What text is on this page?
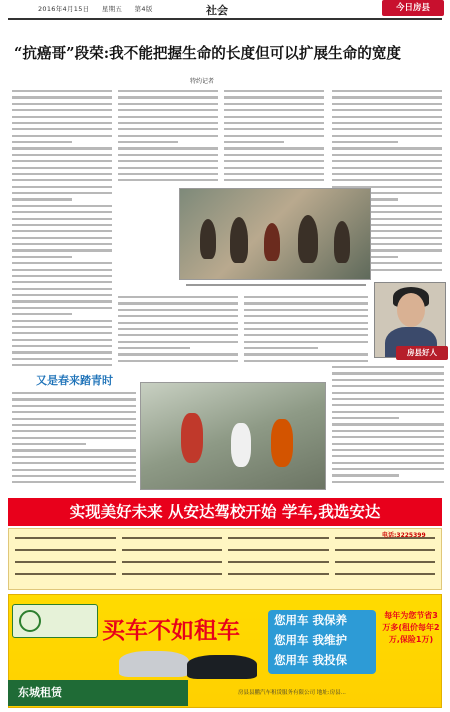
2016年4月15日 星期五 第4版	社会	今日房县
“抗癌哥”段荣:我不能把握生命的长度但可以扩展生命的宽度
特约记者
房县好人
又是春来踏青时
实现美好未来 从安达驾校开始 学车,我选安达
电话:3225399
买车不如租车	您用车 我保养
您用车 我维护
您用车 我投保
每年为您节省3万多(租价每年2万,保险1万)
东城租赁	房县县鹏汽车租赁服务有限公司 地址:房县...
